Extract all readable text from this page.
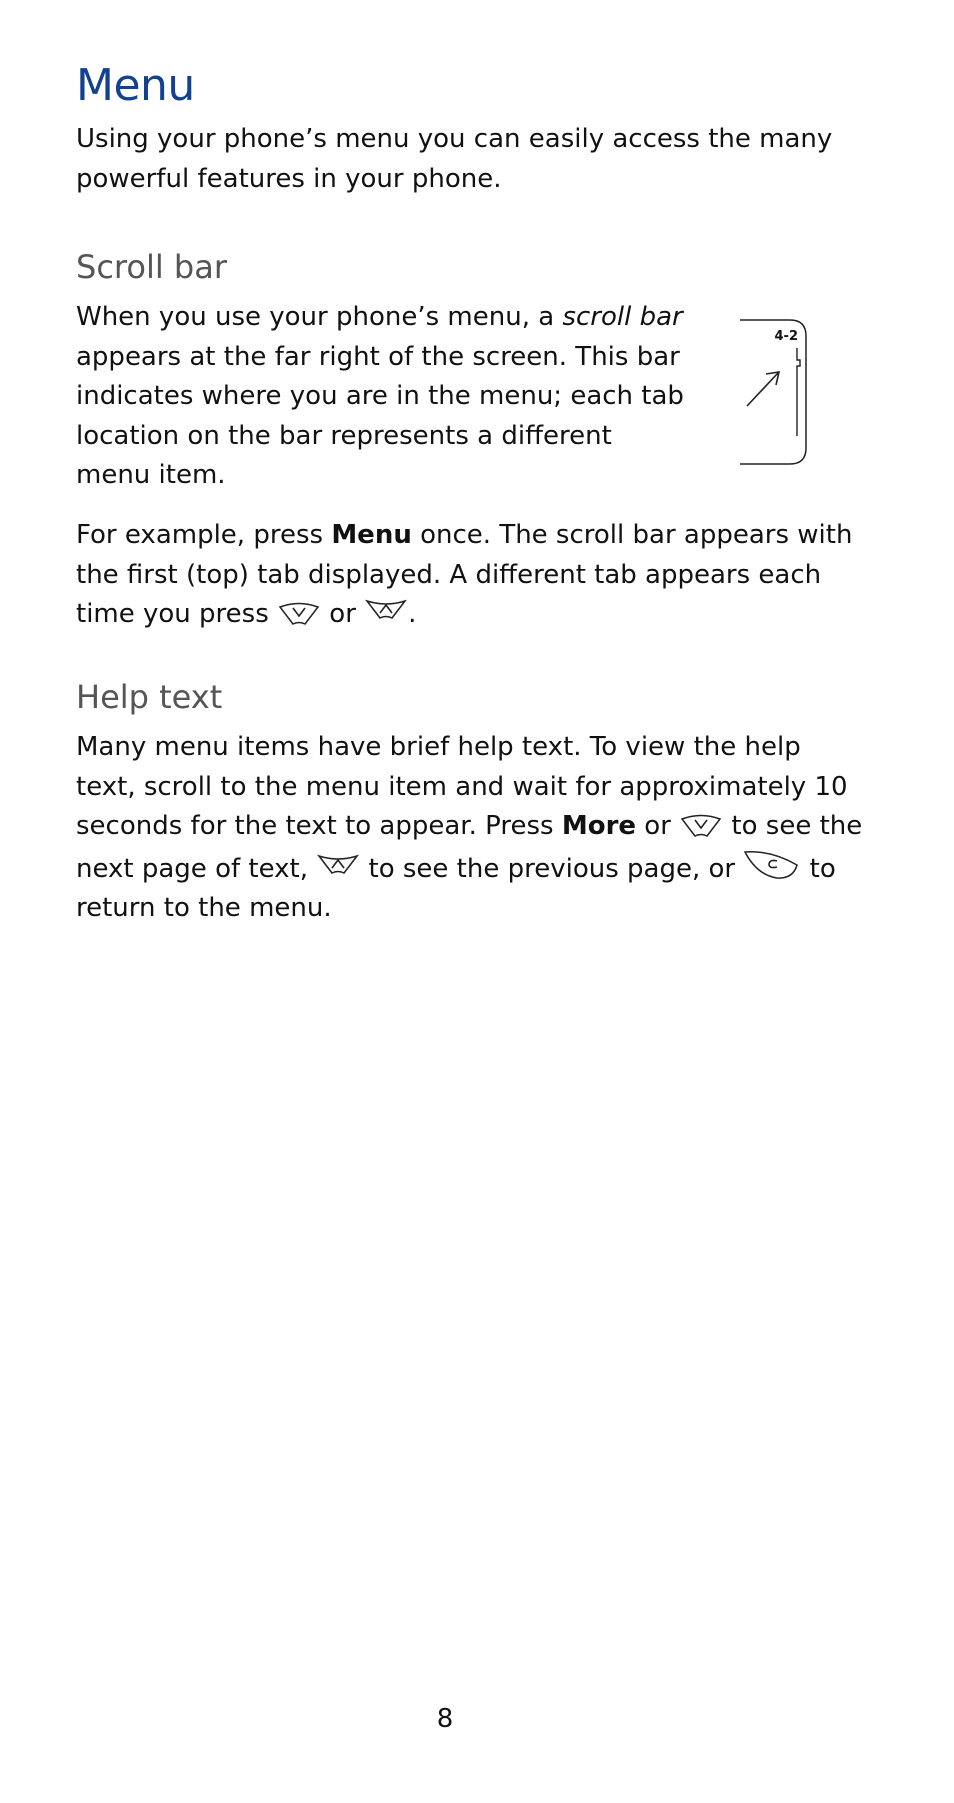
Menu

Using your phone’s menu you can easily access the many powerful features in your phone.

Scroll bar

When you use your phone’s menu, a scroll bar appears at the far right of the screen. This bar indicates where you are in the menu; each tab location on the bar represents a different menu item.

4-2

For example, press Menu once. The scroll bar appears with the first (top) tab displayed. A different tab appears each time you press  or .

Help text

Many menu items have brief help text. To view the help text, scroll to the menu item and wait for approximately 10 seconds for the text to appear. Press More or  to see the next page of text,  to see the previous page, or  to return to the menu.

8
